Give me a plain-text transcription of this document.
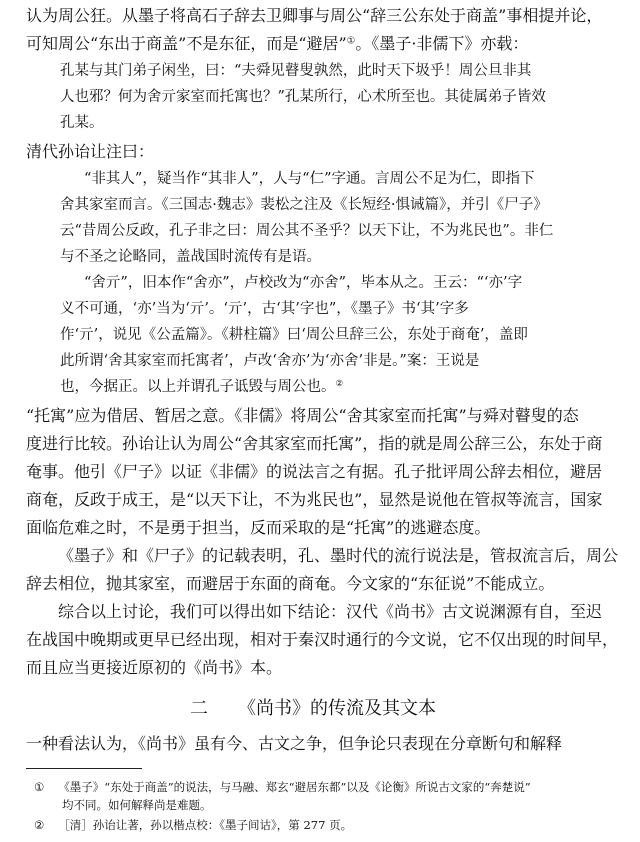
认为周公狂。从墨子将高石子辞去卫卿事与周公“辞三公东处于商盖”事相提并论，

可知周公“东出于商盖”不是东征，而是“避居”①。《墨子·非儒下》亦载：

孔某与其门弟子闲坐，曰：“夫舜见瞽叟孰然，此时天下圾乎！周公旦非其

人也邪？何为舍亓家室而托寓也？”孔某所行，心术所至也。其徒属弟子皆效

孔某。

清代孙诒让注曰：

“非其人”，疑当作“其非人”，人与“仁”字通。言周公不足为仁，即指下

舍其家室而言。《三国志·魏志》裴松之注及《长短经·惧诫篇》，并引《尸子》

云“昔周公反政，孔子非之曰：周公其不圣乎？以天下让，不为兆民也”。非仁

与不圣之论略同，盖战国时流传有是语。

“舍亓”，旧本作“舍亦”，卢校改为“亦舍”，毕本从之。王云：“‘亦’字

义不可通，‘亦’当为‘亓’。‘亓’，古‘其’字也”，《墨子》书‘其’字多

作‘亓’，说见《公孟篇》。《耕柱篇》曰‘周公旦辞三公，东处于商奄’，盖即

此所谓‘舍其家室而托寓者’，卢改‘舍亦’为‘亦舍’非是。”案：王说是

也，今据正。以上并谓孔子诋毁与周公也。②

“托寓”应为借居、暂居之意。《非儒》将周公“舍其家室而托寓”与舜对瞽叟的态

度进行比较。孙诒让认为周公“舍其家室而托寓”，指的就是周公辞三公，东处于商

奄事。他引《尸子》以证《非儒》的说法言之有据。孔子批评周公辞去相位，避居

商奄，反政于成王，是“以天下让，不为兆民也”，显然是说他在管叔等流言，国家

面临危难之时，不是勇于担当，反而采取的是“托寓”的逃避态度。

《墨子》和《尸子》的记载表明，孔、墨时代的流行说法是，管叔流言后，周公

辞去相位，抛其家室，而避居于东面的商奄。今文家的“东征说”不能成立。

综合以上讨论，我们可以得出如下结论：汉代《尚书》古文说渊源有自，至迟

在战国中晚期或更早已经出现，相对于秦汉时通行的今文说，它不仅出现的时间早，

而且应当更接近原初的《尚书》本。

二 《尚书》的传流及其文本

一种看法认为，《尚书》虽有今、古文之争，但争论只表现在分章断句和解释

① 《墨子》“东处于商盖”的说法，与马融、郑玄“避居东都”以及《论衡》所说古文家的“奔楚说”

均不同。如何解释尚是难题。

② ［清］孙诒让著，孙以楷点校：《墨子间诂》，第 277 页。
